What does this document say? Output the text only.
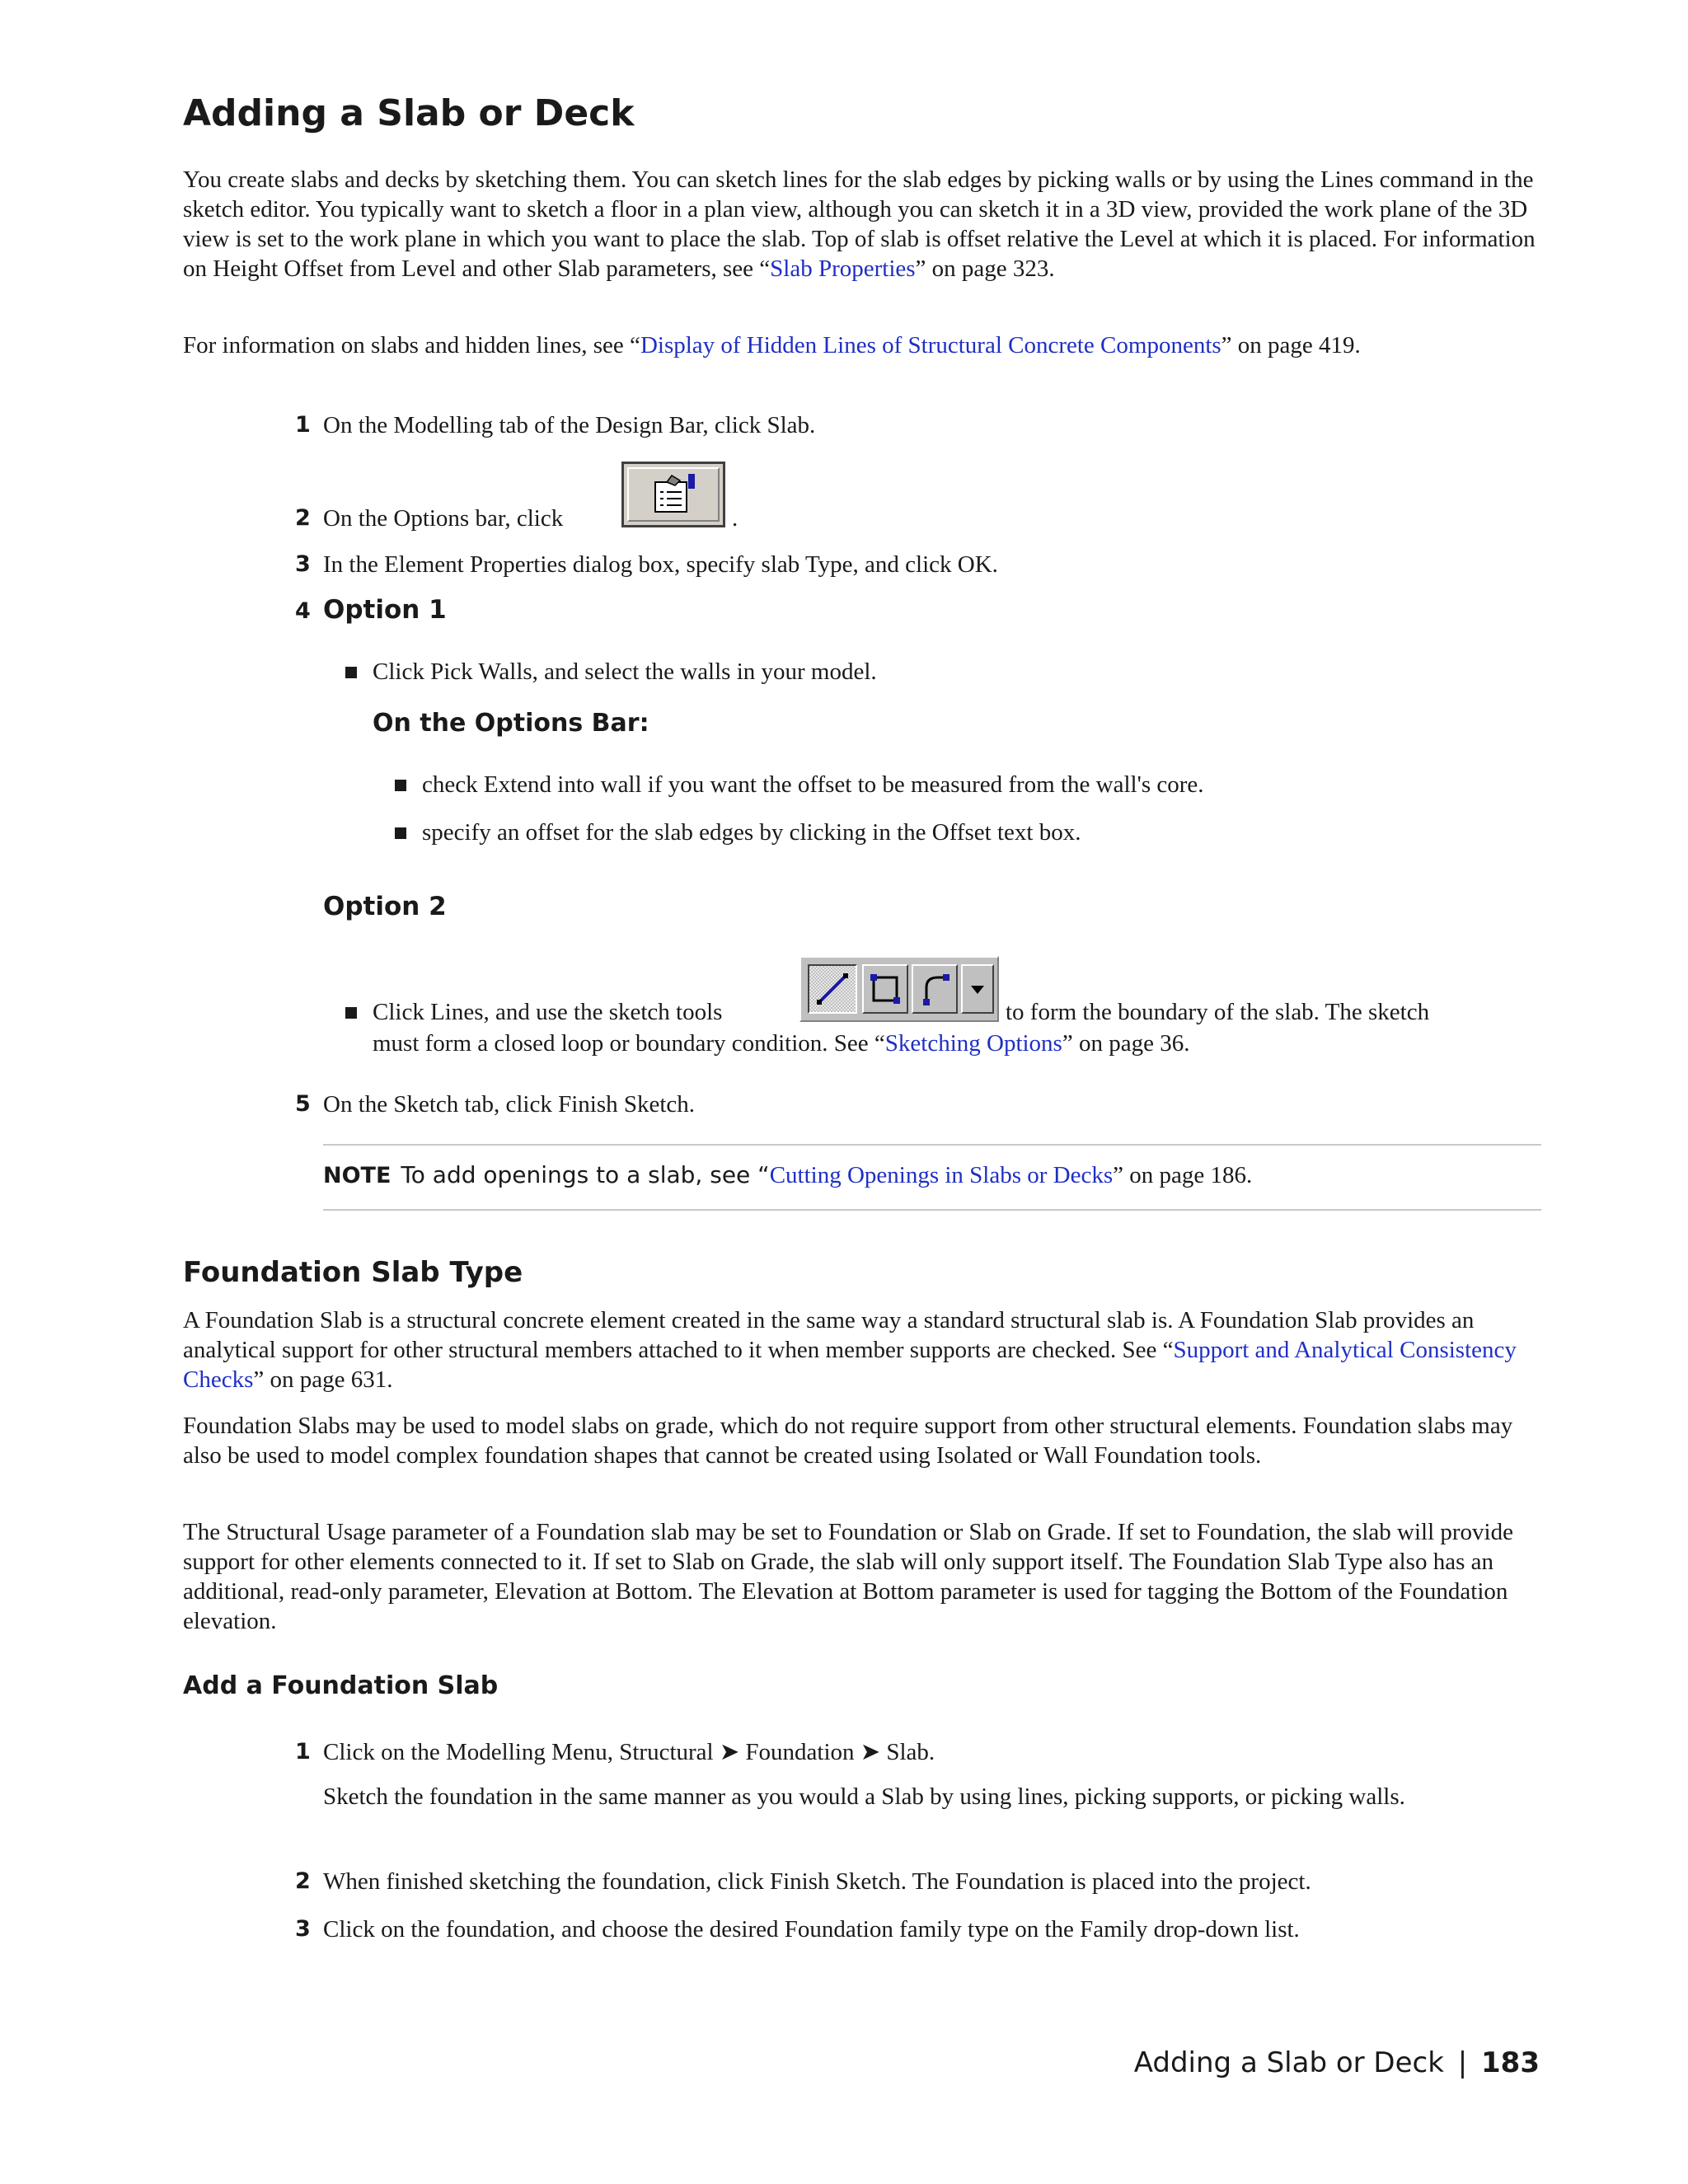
Adding a Slab or Deck

You create slabs and decks by sketching them. You can sketch lines for the slab edges by picking walls or by using the Lines command in the sketch editor. You typically want to sketch a floor in a plan view, although you can sketch it in a 3D view, provided the work plane of the 3D view is set to the work plane in which you want to place the slab. Top of slab is offset relative the Level at which it is placed. For information on Height Offset from Level and other Slab parameters, see “Slab Properties” on page 323.

For information on slabs and hidden lines, see “Display of Hidden Lines of Structural Concrete Components” on page 419.

1 On the Modelling tab of the Design Bar, click Slab.
2 On the Options bar, click	.
3 In the Element Properties dialog box, specify slab Type, and click OK.
4 Option 1
Click Pick Walls, and select the walls in your model.
On the Options Bar:
check Extend into wall if you want the offset to be measured from the wall's core.
specify an offset for the slab edges by clicking in the Offset text box.
Option 2
Click Lines, and use the sketch tools	to form the boundary of the slab. The sketch
must form a closed loop or boundary condition. See “Sketching Options” on page 36.
5 On the Sketch tab, click Finish Sketch.
NOTE To add openings to a slab, see “Cutting Openings in Slabs or Decks” on page 186.
Foundation Slab Type

A Foundation Slab is a structural concrete element created in the same way a standard structural slab is. A Foundation Slab provides an analytical support for other structural members attached to it when member supports are checked. See “Support and Analytical Consistency Checks” on page 631.

Foundation Slabs may be used to model slabs on grade, which do not require support from other structural elements. Foundation slabs may also be used to model complex foundation shapes that cannot be created using Isolated or Wall Foundation tools.

The Structural Usage parameter of a Foundation slab may be set to Foundation or Slab on Grade. If set to Foundation, the slab will provide support for other elements connected to it. If set to Slab on Grade, the slab will only support itself. The Foundation Slab Type also has an additional, read-only parameter, Elevation at Bottom. The Elevation at Bottom parameter is used for tagging the Bottom of the Foundation elevation.

Add a Foundation Slab
1 Click on the Modelling Menu, Structural ➤ Foundation ➤ Slab.

Sketch the foundation in the same manner as you would a Slab by using lines, picking supports, or picking walls.

2 When finished sketching the foundation, click Finish Sketch. The Foundation is placed into the project.
3 Click on the foundation, and choose the desired Foundation family type on the Family drop-down list.
Adding a Slab or Deck | 183
